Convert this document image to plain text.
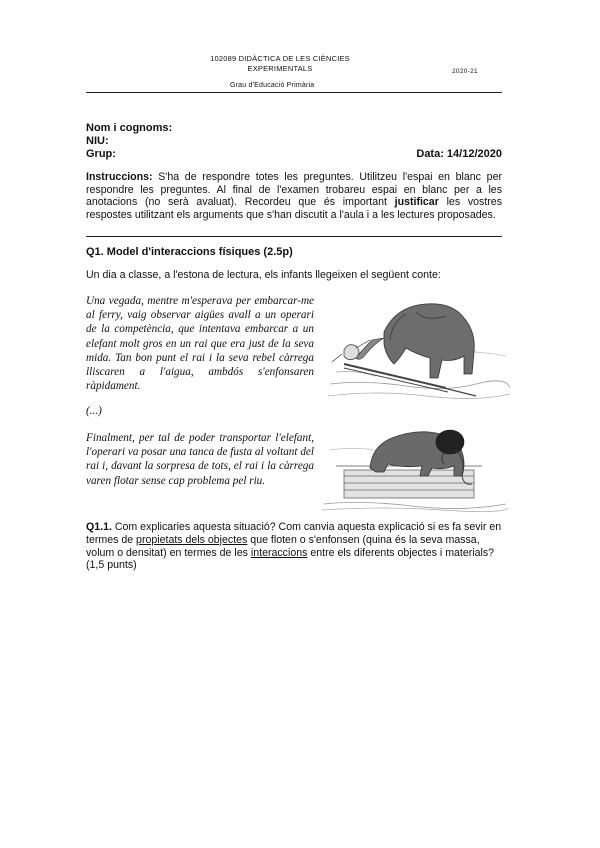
102089 DIDÀCTICA DE LES CIÈNCIES
EXPERIMENTALS	2020-21
Grau d'Educació Primària
Nom i cognoms:
NIU:
Grup:	Data: 14/12/2020
Instruccions: S'ha de respondre totes les preguntes. Utilitzeu l'espai en blanc per respondre les preguntes. Al final de l'examen trobareu espai en blanc per a les anotacions (no serà avaluat). Recordeu que és important justificar les vostres respostes utilitzant els arguments que s'han discutit a l'aula i a les lectures proposades.
Q1. Model d'interaccions físiques (2.5p)
Un dia a classe, a l'estona de lectura, els infants llegeixen el següent conte:
Una vegada, mentre m'esperava per embarcar-me al ferry, vaig observar aigües avall a un operari de la competència, que intentava embarcar a un elefant molt gros en un rai que era just de la seva mida. Tan bon punt el rai i la seva rebel càrrega lliscaren a l'aigua, ambdós s'enfonsaren ràpidament.
(...)
Finalment, per tal de poder transportar l'elefant, l'operari va posar una tanca de fusta al voltant del rai i, davant la sorpresa de tots, el rai i la càrrega varen flotar sense cap problema pel riu.
Q1.1. Com explicaries aquesta situació? Com canvia aquesta explicació si es fa sevir en termes de propietats dels objectes que floten o s'enfonsen (quina és la seva massa, volum o densitat) en termes de les interaccions entre els diferents objectes i materials? (1,5 punts)
